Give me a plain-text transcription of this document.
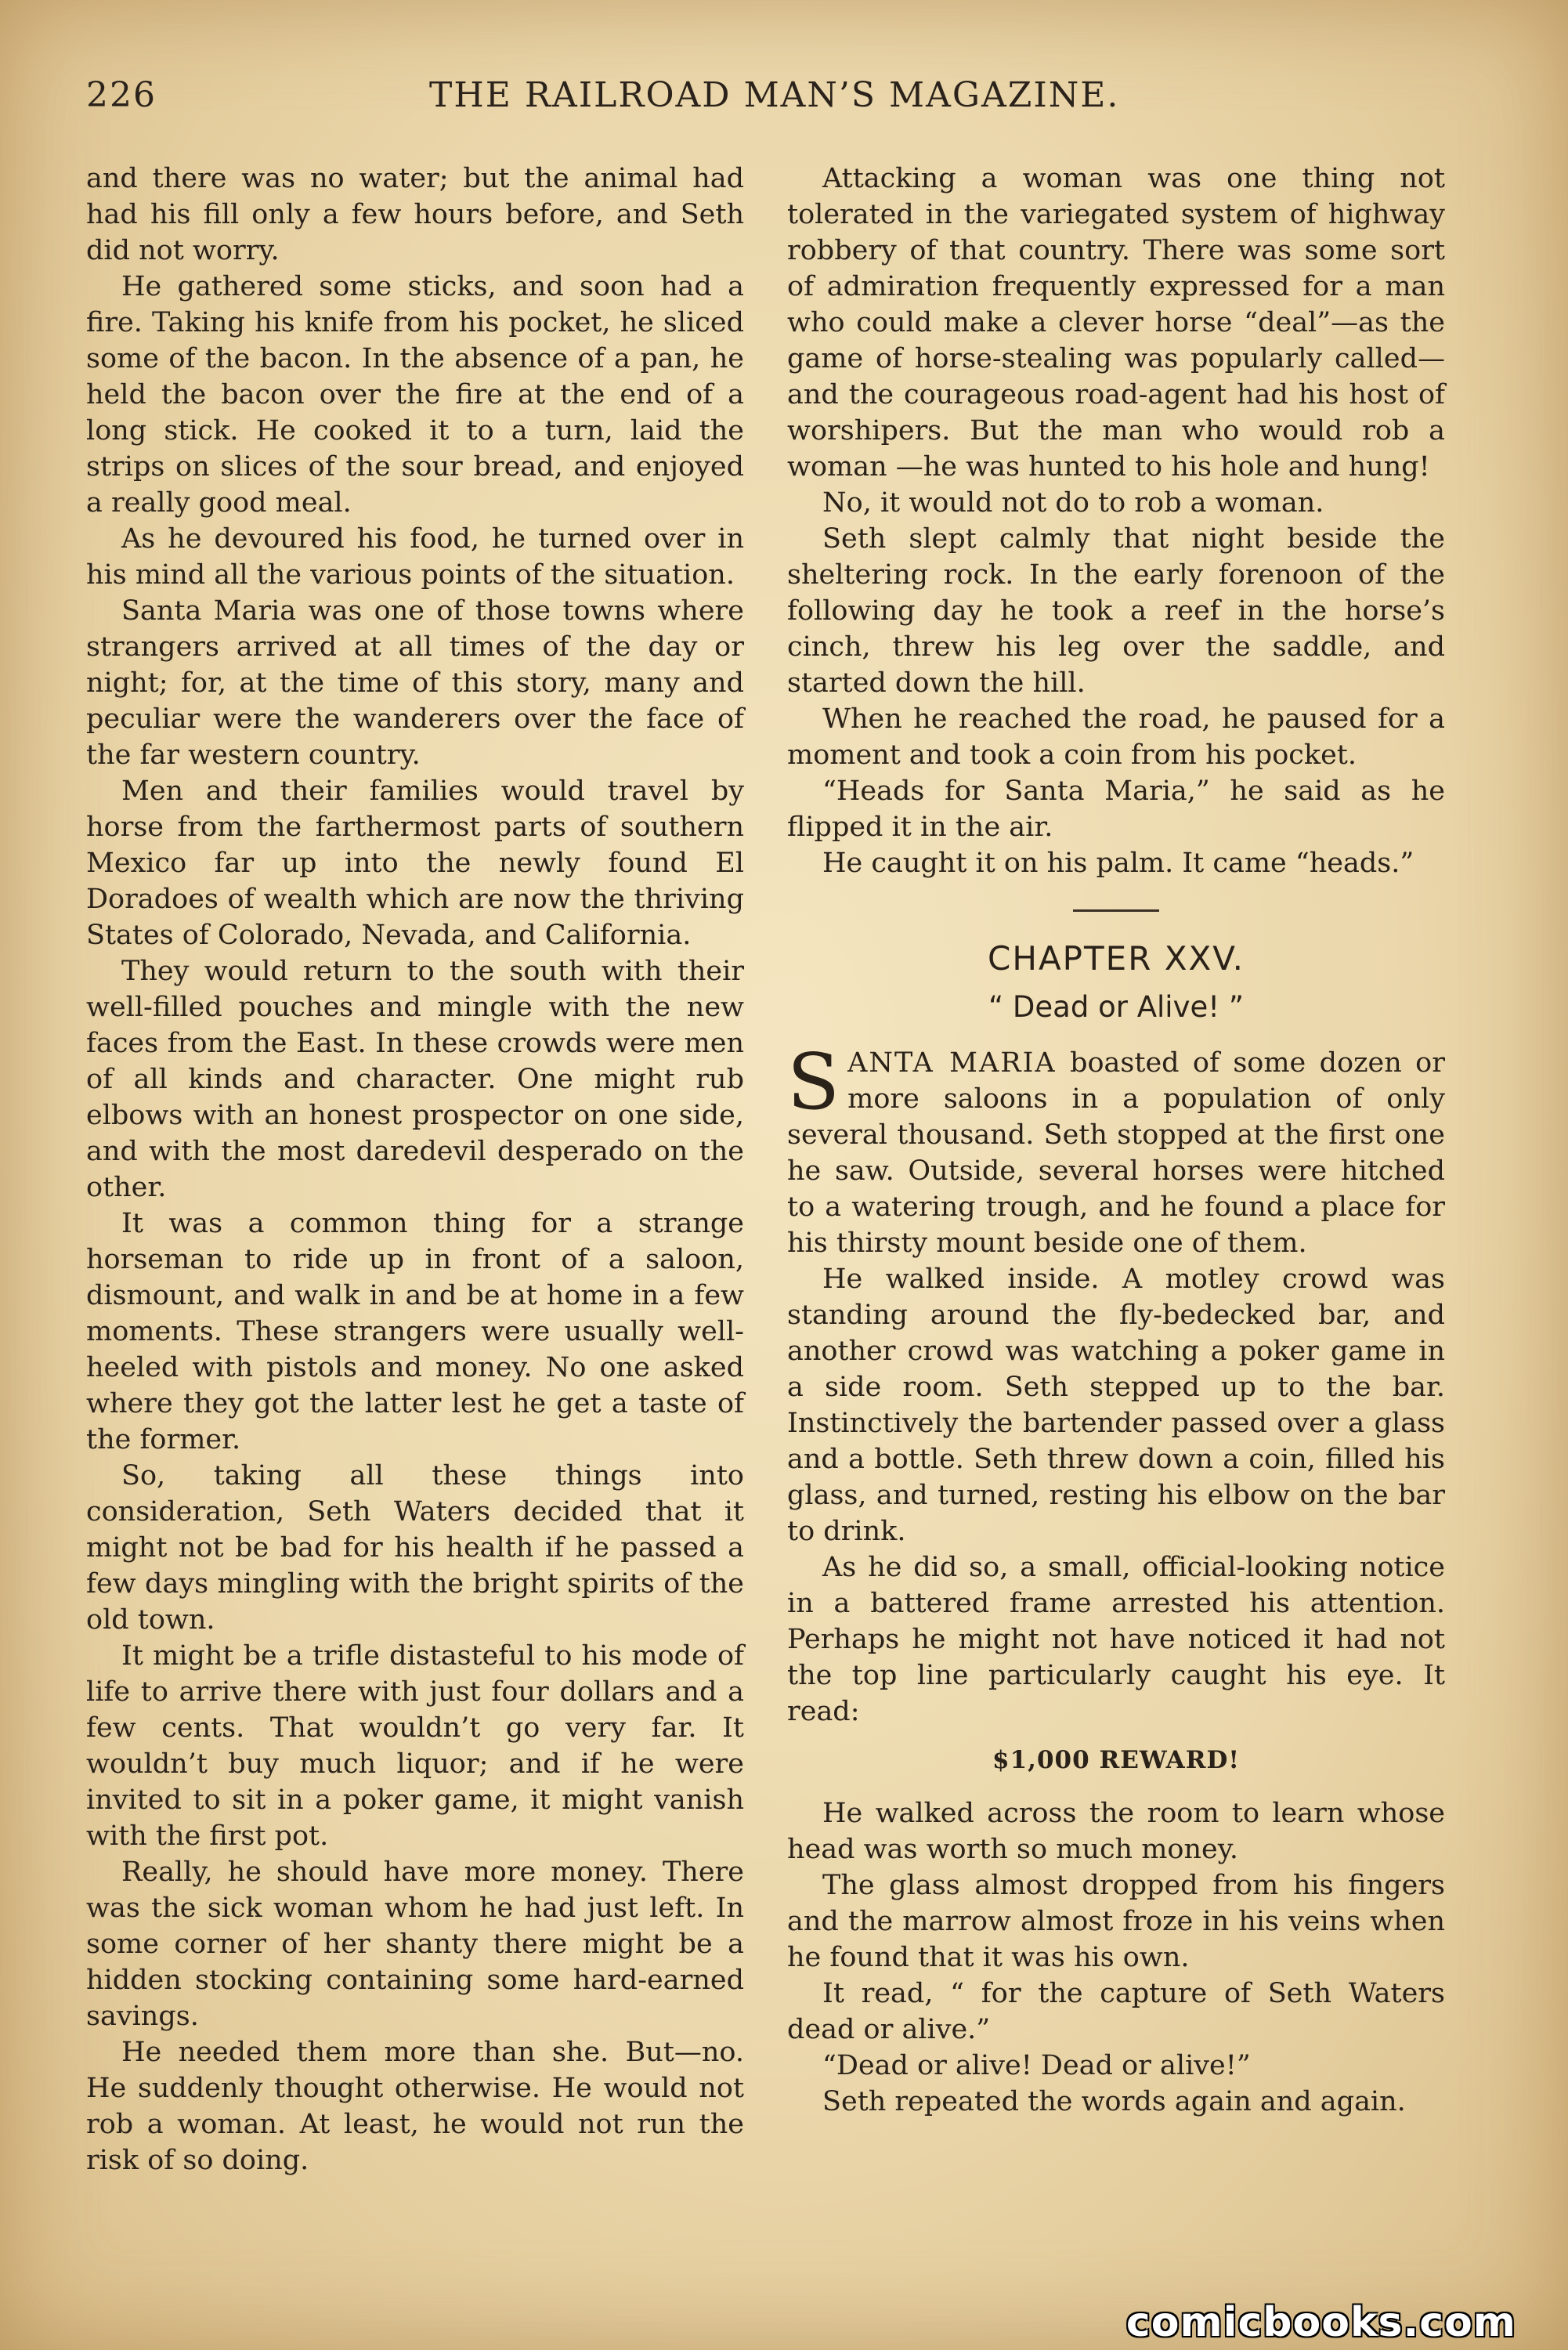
226	THE RAILROAD MAN’S MAGAZINE.

and there was no water; but the animal had had his fill only a few hours before, and Seth did not worry.

He gathered some sticks, and soon had a fire. Taking his knife from his pocket, he sliced some of the bacon. In the absence of a pan, he held the bacon over the fire at the end of a long stick. He cooked it to a turn, laid the strips on slices of the sour bread, and enjoyed a really good meal.

As he devoured his food, he turned over in his mind all the various points of the situation.

Santa Maria was one of those towns where strangers arrived at all times of the day or night; for, at the time of this story, many and peculiar were the wanderers over the face of the far western country.

Men and their families would travel by horse from the farthermost parts of southern Mexico far up into the newly found El Doradoes of wealth which are now the thriving States of Colorado, Nevada, and California.

They would return to the south with their well-filled pouches and mingle with the new faces from the East. In these crowds were men of all kinds and character. One might rub elbows with an honest prospector on one side, and with the most daredevil desperado on the other.

It was a common thing for a strange horseman to ride up in front of a saloon, dismount, and walk in and be at home in a few moments. These strangers were usually well-heeled with pistols and money. No one asked where they got the latter lest he get a taste of the former.

So, taking all these things into consideration, Seth Waters decided that it might not be bad for his health if he passed a few days mingling with the bright spirits of the old town.

It might be a trifle distasteful to his mode of life to arrive there with just four dollars and a few cents. That wouldn’t go very far. It wouldn’t buy much liquor; and if he were invited to sit in a poker game, it might vanish with the first pot.

Really, he should have more money. There was the sick woman whom he had just left. In some corner of her shanty there might be a hidden stocking containing some hard-earned savings.

He needed them more than she. But—no. He suddenly thought otherwise. He would not rob a woman. At least, he would not run the risk of so doing.

Attacking a woman was one thing not tolerated in the variegated system of highway robbery of that country. There was some sort of admiration frequently expressed for a man who could make a clever horse “deal”—as the game of horse-stealing was popularly called—and the courageous road-agent had his host of worshipers. But the man who would rob a woman —he was hunted to his hole and hung!

No, it would not do to rob a woman.

Seth slept calmly that night beside the sheltering rock. In the early forenoon of the following day he took a reef in the horse’s cinch, threw his leg over the saddle, and started down the hill.

When he reached the road, he paused for a moment and took a coin from his pocket.

“Heads for Santa Maria,” he said as he flipped it in the air.

He caught it on his palm. It came “heads.”

CHAPTER XXV.
“ Dead or Alive! ”

SANTA MARIA boasted of some dozen or more saloons in a population of only several thousand. Seth stopped at the first one he saw. Outside, several horses were hitched to a watering trough, and he found a place for his thirsty mount beside one of them.

He walked inside. A motley crowd was standing around the fly-bedecked bar, and another crowd was watching a poker game in a side room. Seth stepped up to the bar. Instinctively the bartender passed over a glass and a bottle. Seth threw down a coin, filled his glass, and turned, resting his elbow on the bar to drink.

As he did so, a small, official-looking notice in a battered frame arrested his attention. Perhaps he might not have noticed it had not the top line particularly caught his eye. It read:

$1,000 REWARD!

He walked across the room to learn whose head was worth so much money.

The glass almost dropped from his fingers and the marrow almost froze in his veins when he found that it was his own.

It read, “ for the capture of Seth Waters dead or alive.”

“Dead or alive! Dead or alive!”

Seth repeated the words again and again.

comicbooks.com
